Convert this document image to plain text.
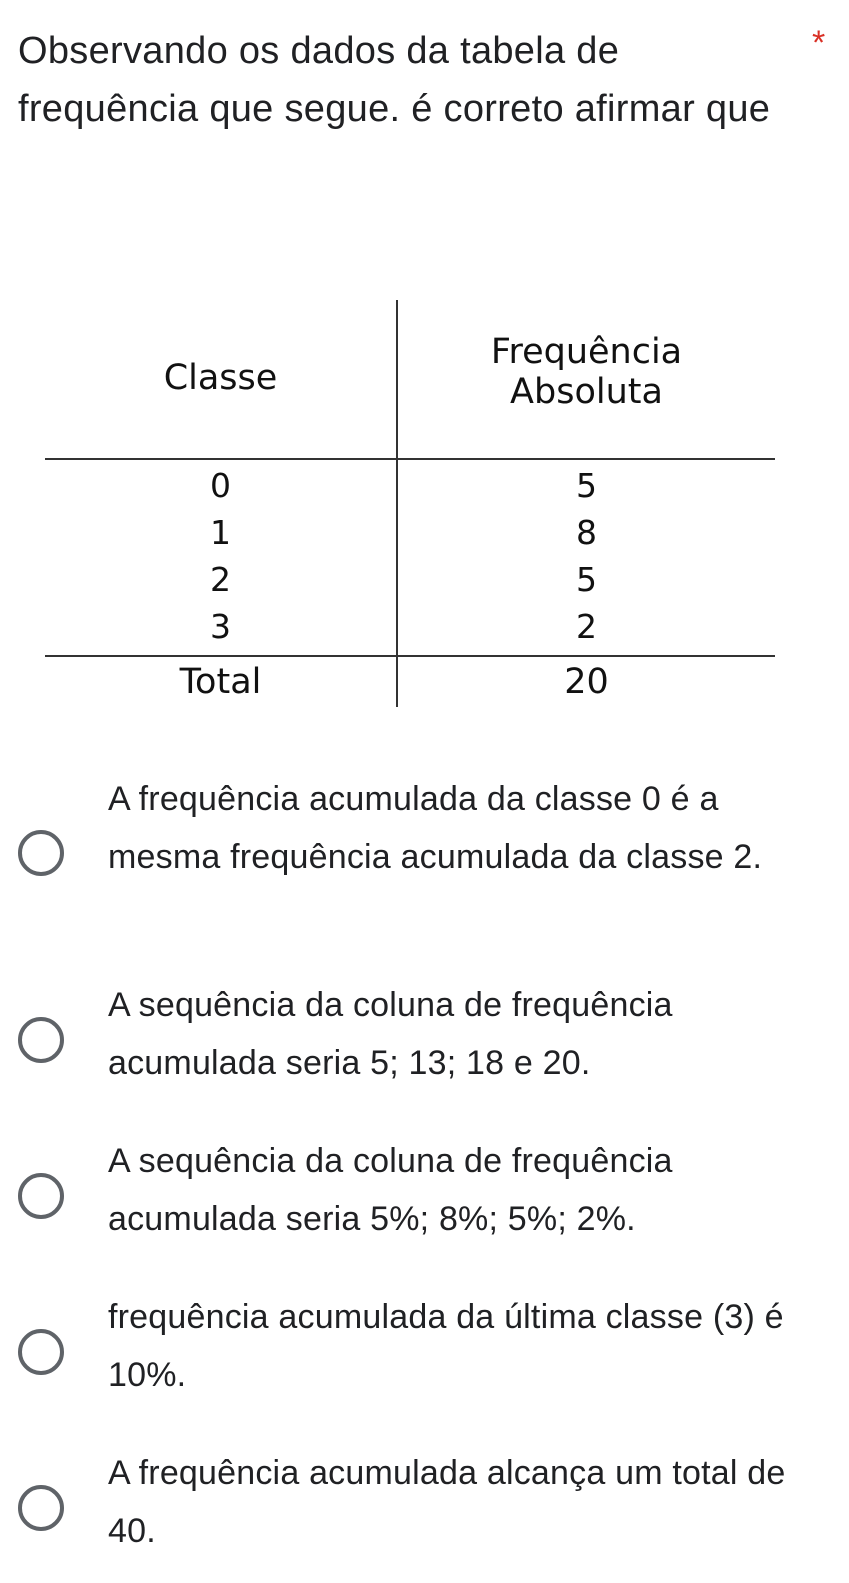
Observando os dados da tabela de frequência que segue. é correto afirmar que
*
Classe
Frequência
Absoluta
0
1
2
3
5
8
5
2
Total	20
A frequência acumulada da classe 0 é a mesma frequência acumulada da classe 2.
A sequência da coluna de frequência acumulada seria 5; 13; 18 e 20.
A sequência da coluna de frequência acumulada seria 5%; 8%; 5%; 2%.
frequência acumulada da última classe (3) é 10%.
A frequência acumulada alcança um total de 40.
